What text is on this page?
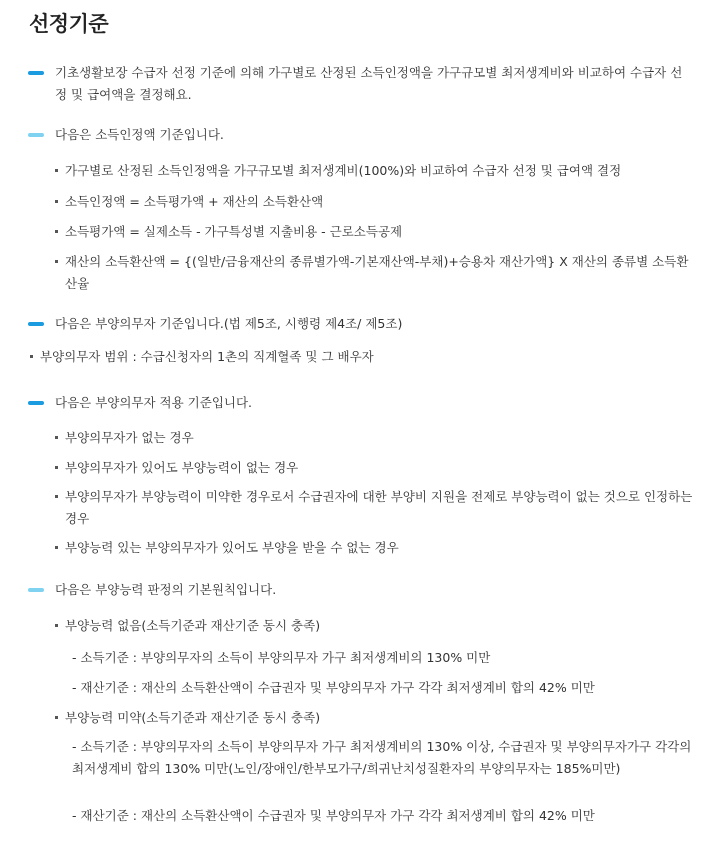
선정기준
기초생활보장 수급자 선정 기준에 의해 가구별로 산정된 소득인정액을 가구규모별 최저생계비와 비교하여 수급자 선정 및 급여액을 결정해요.
다음은 소득인정액 기준입니다.
가구별로 산정된 소득인정액을 가구규모별 최저생계비(100%)와 비교하여 수급자 선정 및 급여액 결정
소득인정액 = 소득평가액 + 재산의 소득환산액
소득평가액 = 실제소득 - 가구특성별 지출비용 - 근로소득공제
재산의 소득환산액 = {(일반/금융재산의 종류별가액-기본재산액-부채)+승용차 재산가액} X 재산의 종류별 소득환산율
다음은 부양의무자 기준입니다.(법 제5조, 시행령 제4조/ 제5조)
부양의무자 범위 : 수급신청자의 1촌의 직계혈족 및 그 배우자
다음은 부양의무자 적용 기준입니다.
부양의무자가 없는 경우
부양의무자가 있어도 부양능력이 없는 경우
부양의무자가 부양능력이 미약한 경우로서 수급권자에 대한 부양비 지원을 전제로 부양능력이 없는 것으로 인정하는 경우
부양능력 있는 부양의무자가 있어도 부양을 받을 수 없는 경우
다음은 부양능력 판정의 기본원칙입니다.
부양능력 없음(소득기준과 재산기준 동시 충족)
- 소득기준 : 부양의무자의 소득이 부양의무자 가구 최저생계비의 130% 미만
- 재산기준 : 재산의 소득환산액이 수급권자 및 부양의무자 가구 각각 최저생계비 합의 42% 미만
부양능력 미약(소득기준과 재산기준 동시 충족)
- 소득기준 : 부양의무자의 소득이 부양의무자 가구 최저생계비의 130% 이상, 수급권자 및 부양의무자가구 각각의 최저생계비 합의 130% 미만(노인/장애인/한부모가구/희귀난치성질환자의 부양의무자는 185%미만)
- 재산기준 : 재산의 소득환산액이 수급권자 및 부양의무자 가구 각각 최저생계비 합의 42% 미만
